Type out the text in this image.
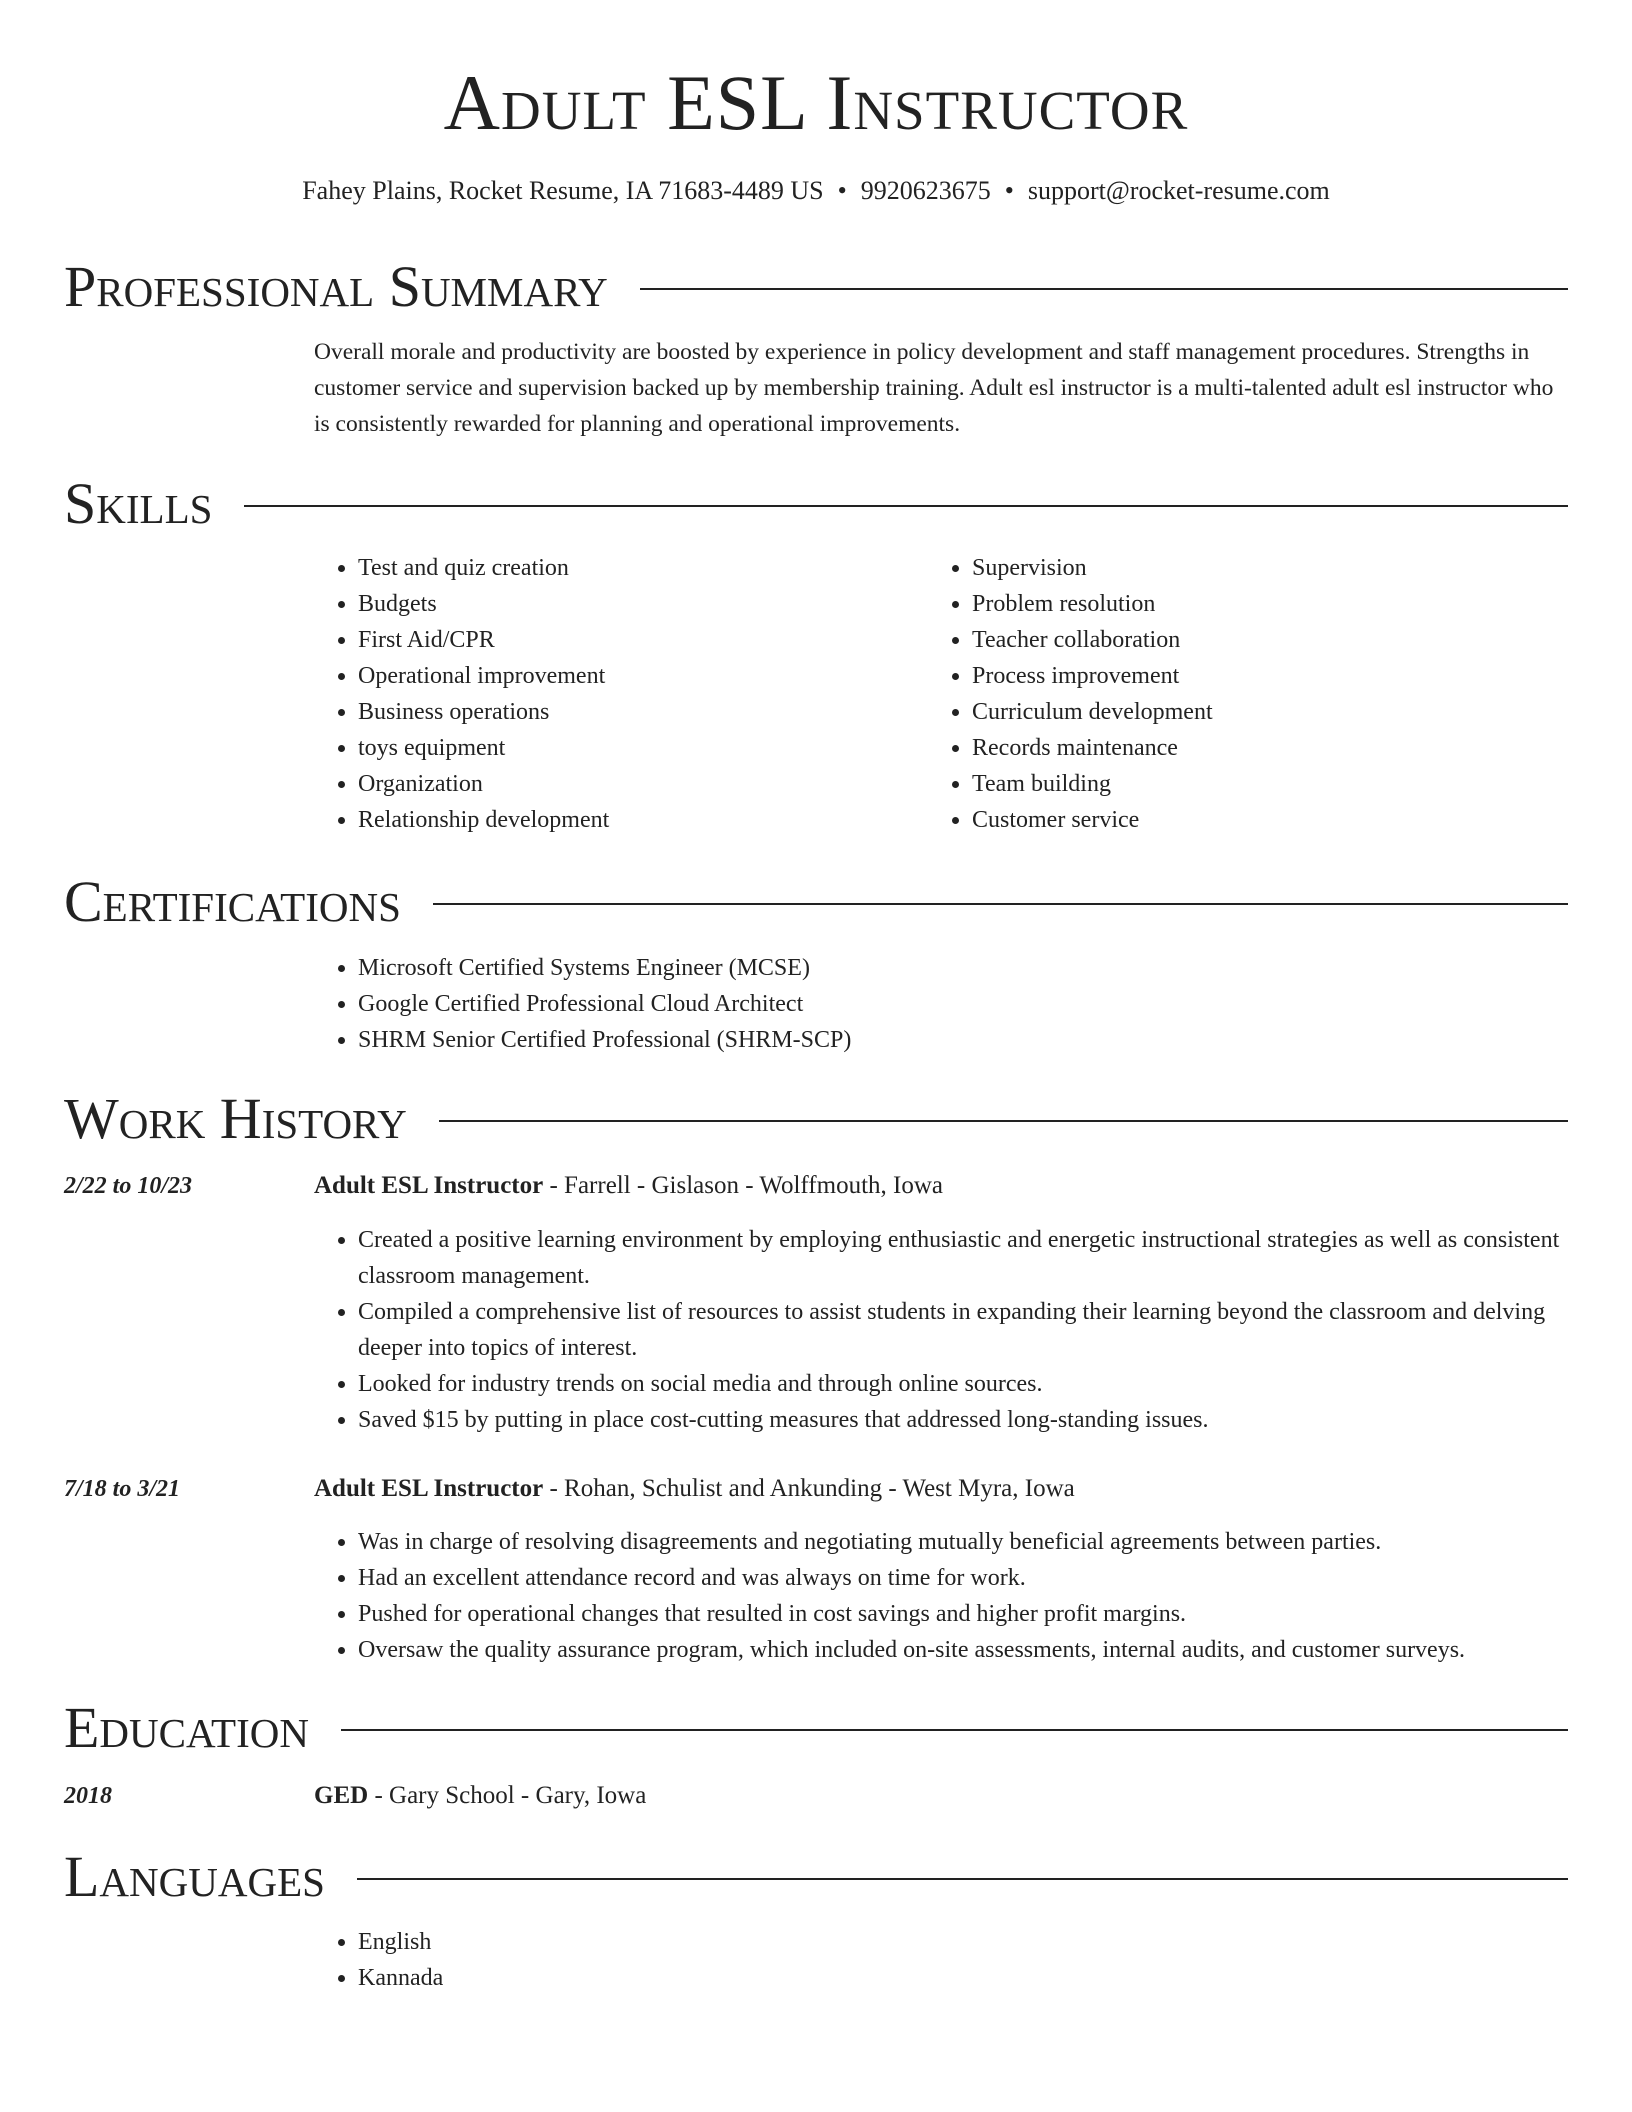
Adult ESL Instructor
Fahey Plains, Rocket Resume, IA 71683-4489 US • 9920623675 • support@rocket-resume.com
Professional Summary
Overall morale and productivity are boosted by experience in policy development and staff management procedures. Strengths in customer service and supervision backed up by membership training. Adult esl instructor is a multi-talented adult esl instructor who is consistently rewarded for planning and operational improvements.
Skills
• Test and quiz creation
• Budgets
• First Aid/CPR
• Operational improvement
• Business operations
• toys equipment
• Organization
• Relationship development
• Supervision
• Problem resolution
• Teacher collaboration
• Process improvement
• Curriculum development
• Records maintenance
• Team building
• Customer service
Certifications
• Microsoft Certified Systems Engineer (MCSE)
• Google Certified Professional Cloud Architect
• SHRM Senior Certified Professional (SHRM-SCP)
Work History
2/22 to 10/23	Adult ESL Instructor - Farrell - Gislason - Wolffmouth, Iowa
• Created a positive learning environment by employing enthusiastic and energetic instructional strategies as well as consistent classroom management.
• Compiled a comprehensive list of resources to assist students in expanding their learning beyond the classroom and delving deeper into topics of interest.
• Looked for industry trends on social media and through online sources.
• Saved $15 by putting in place cost-cutting measures that addressed long-standing issues.
7/18 to 3/21	Adult ESL Instructor - Rohan, Schulist and Ankunding - West Myra, Iowa
• Was in charge of resolving disagreements and negotiating mutually beneficial agreements between parties.
• Had an excellent attendance record and was always on time for work.
• Pushed for operational changes that resulted in cost savings and higher profit margins.
• Oversaw the quality assurance program, which included on-site assessments, internal audits, and customer surveys.
Education
2018	GED - Gary School - Gary, Iowa
Languages
• English
• Kannada
